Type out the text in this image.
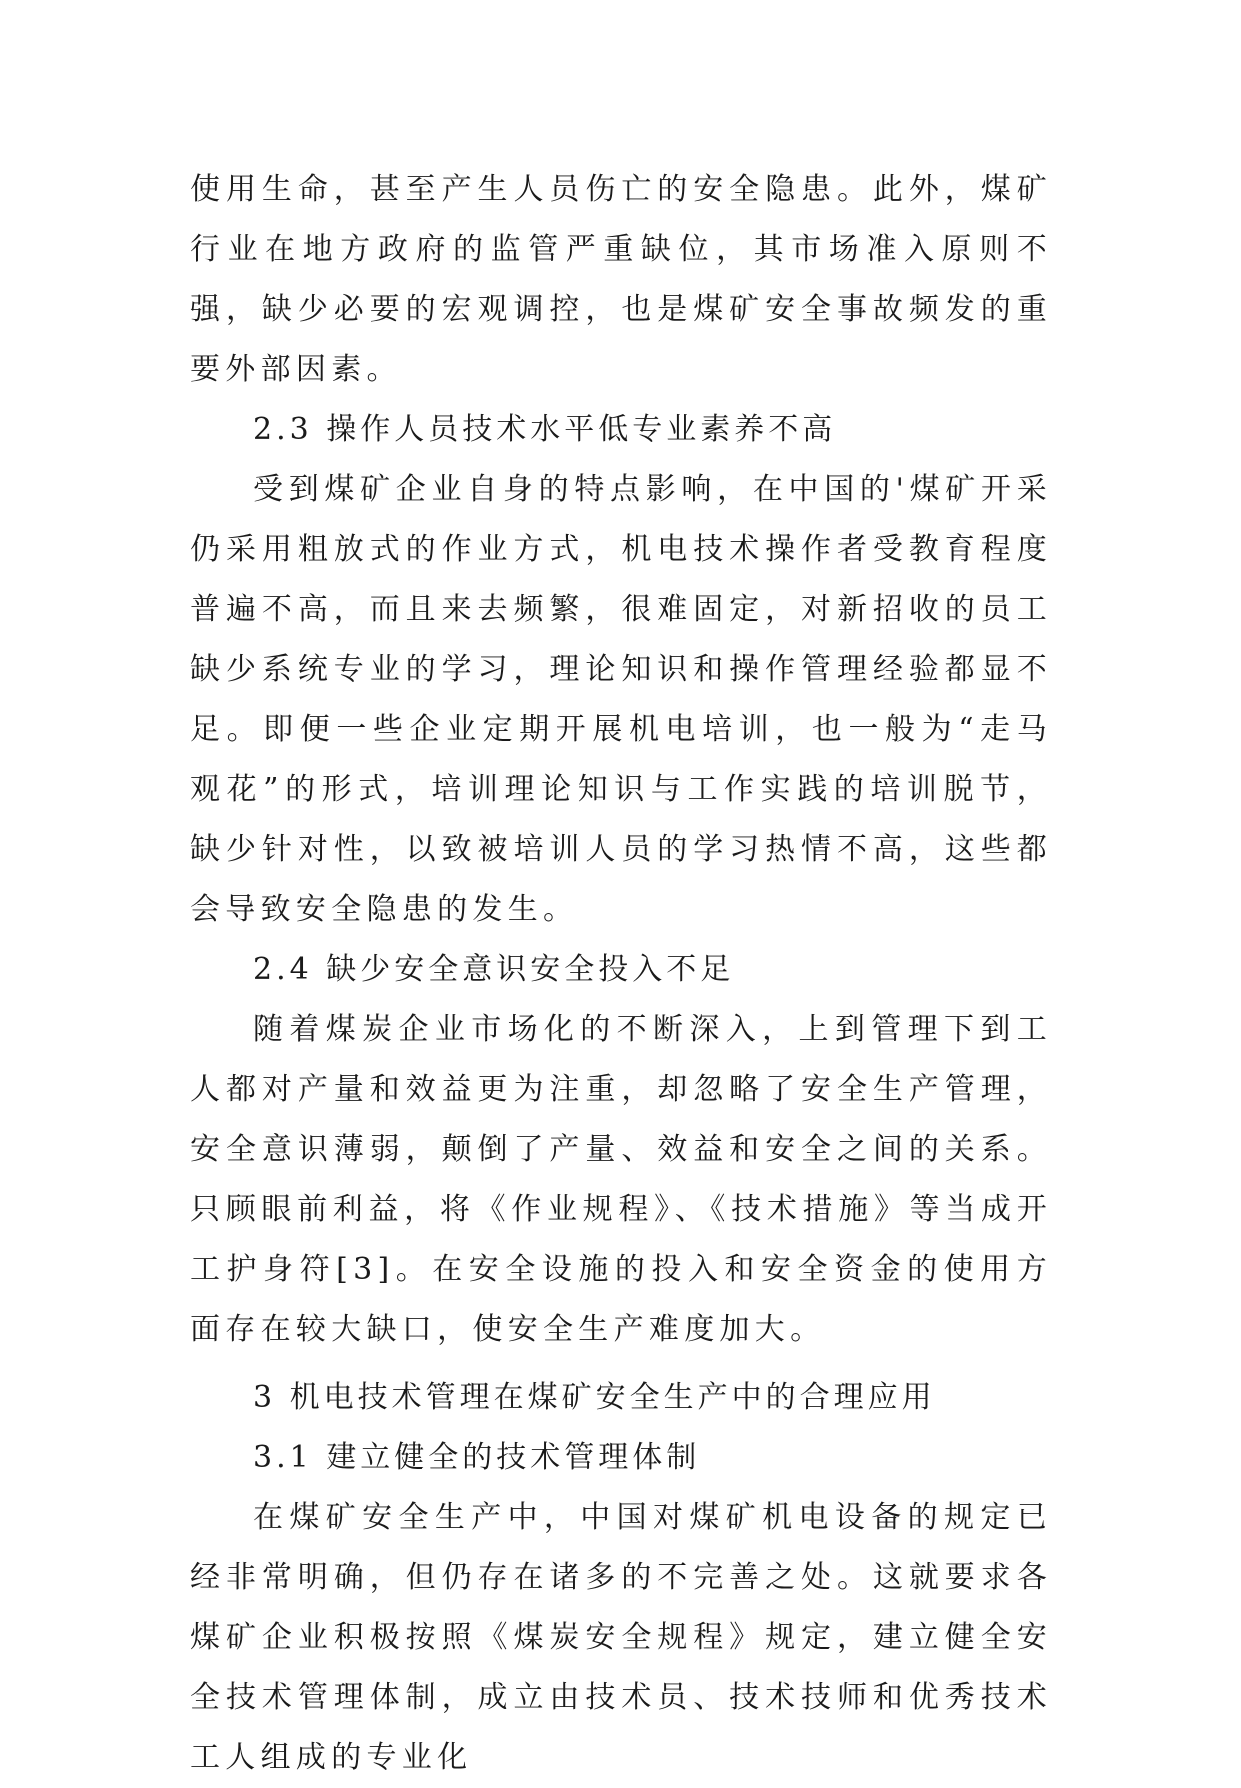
使用生命，甚至产生人员伤亡的安全隐患。此外，煤矿行业在地方政府的监管严重缺位，其市场准入原则不强，缺少必要的宏观调控，也是煤矿安全事故频发的重要外部因素。

2.3 操作人员技术水平低专业素养不高

受到煤矿企业自身的特点影响，在中国的'煤矿开采仍采用粗放式的作业方式，机电技术操作者受教育程度普遍不高，而且来去频繁，很难固定，对新招收的员工缺少系统专业的学习，理论知识和操作管理经验都显不足。即便一些企业定期开展机电培训，也一般为“走马观花”的形式，培训理论知识与工作实践的培训脱节，缺少针对性，以致被培训人员的学习热情不高，这些都会导致安全隐患的发生。

2.4 缺少安全意识安全投入不足

随着煤炭企业市场化的不断深入，上到管理下到工人都对产量和效益更为注重，却忽略了安全生产管理，安全意识薄弱，颠倒了产量、效益和安全之间的关系。只顾眼前利益，将《作业规程》、《技术措施》等当成开工护身符[3]。在安全设施的投入和安全资金的使用方面存在较大缺口，使安全生产难度加大。

3 机电技术管理在煤矿安全生产中的合理应用

3.1 建立健全的技术管理体制

在煤矿安全生产中，中国对煤矿机电设备的规定已经非常明确，但仍存在诸多的不完善之处。这就要求各煤矿企业积极按照《煤炭安全规程》规定，建立健全安全技术管理体制，成立由技术员、技术技师和优秀技术工人组成的专业化
